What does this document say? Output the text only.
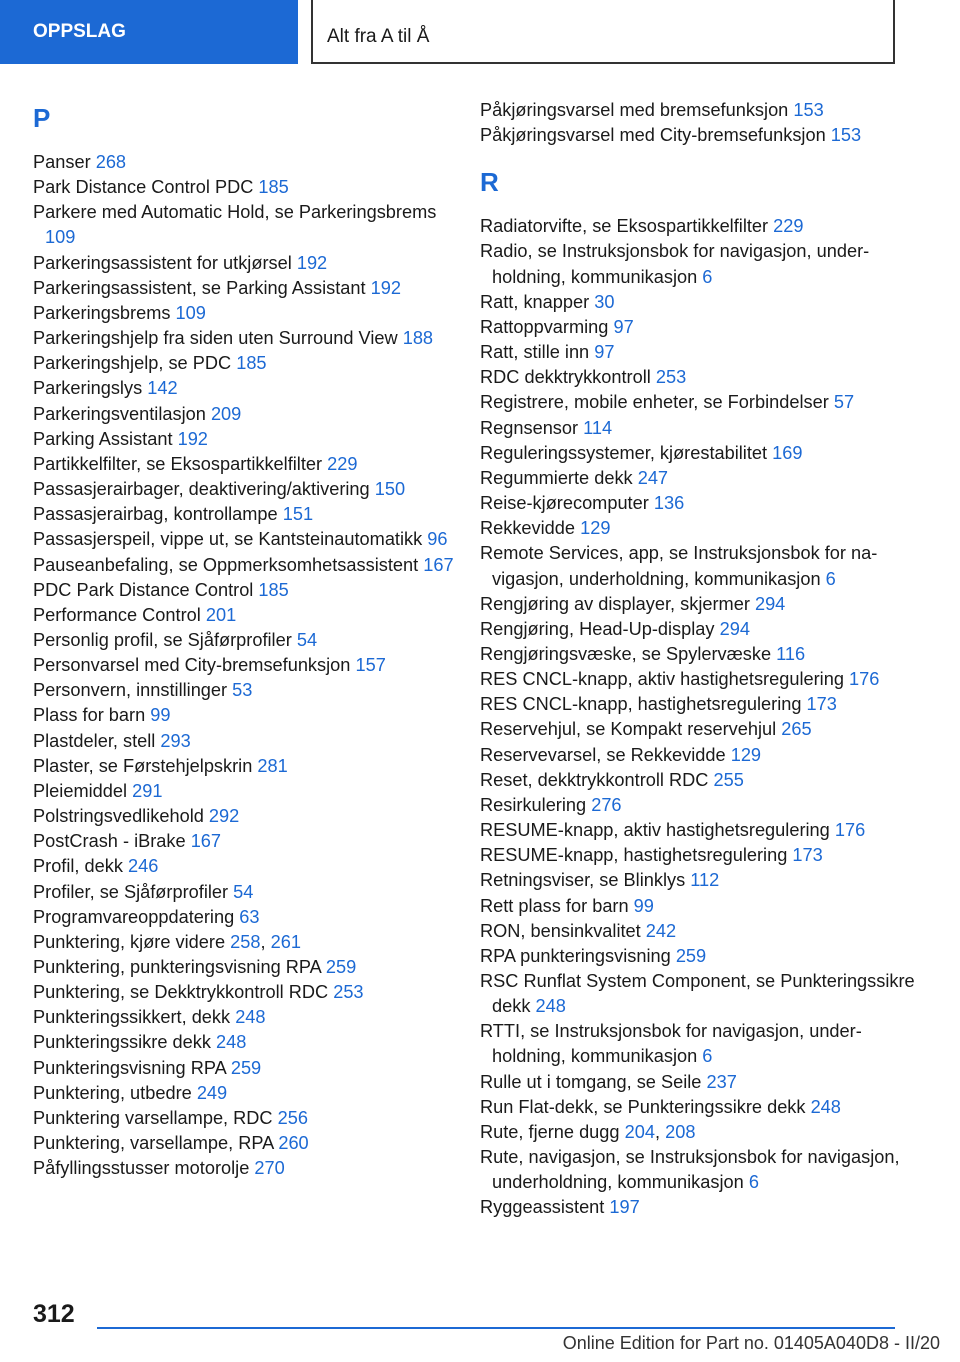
OPPSLAG	Alt fra A til Å
P
Panser 268
Park Distance Control PDC 185
Parkere med Automatic Hold, se Parkeringsbrems 109
Parkeringsassistent for utkjørsel 192
Parkeringsassistent, se Parking Assistant 192
Parkeringsbrems 109
Parkeringshjelp fra siden uten Surround View 188
Parkeringshjelp, se PDC 185
Parkeringslys 142
Parkeringsventilasjon 209
Parking Assistant 192
Partikkelfilter, se Eksospartikkelfilter 229
Passasjerairbager, deaktivering/aktivering 150
Passasjerairbag, kontrollampe 151
Passasjerspeil, vippe ut, se Kantsteinautomatikk 96
Pauseanbefaling, se Oppmerksomhetsassistent 167
PDC Park Distance Control 185
Performance Control 201
Personlig profil, se Sjåførprofiler 54
Personvarsel med City-bremsefunksjon 157
Personvern, innstillinger 53
Plass for barn 99
Plastdeler, stell 293
Plaster, se Førstehjelpskrin 281
Pleiemiddel 291
Polstringsvedlikehold 292
PostCrash - iBrake 167
Profil, dekk 246
Profiler, se Sjåførprofiler 54
Programvareoppdatering 63
Punktering, kjøre videre 258, 261
Punktering, punkteringsvisning RPA 259
Punktering, se Dekktrykkontroll RDC 253
Punkteringssikkert, dekk 248
Punkteringssikre dekk 248
Punkteringsvisning RPA 259
Punktering, utbedre 249
Punktering varsellampe, RDC 256
Punktering, varsellampe, RPA 260
Påfyllingsstusser motorolje 270
Påkjøringsvarsel med bremsefunksjon 153
Påkjøringsvarsel med City-bremsefunksjon 153
R
Radiatorvifte, se Eksospartikkelfilter 229
Radio, se Instruksjonsbok for navigasjon, underholdning, kommunikasjon 6
Ratt, knapper 30
Rattoppvarming 97
Ratt, stille inn 97
RDC dekktrykkontroll 253
Registrere, mobile enheter, se Forbindelser 57
Regnsensor 114
Reguleringssystemer, kjørestabilitet 169
Regummierte dekk 247
Reise-kjørecomputer 136
Rekkevidde 129
Remote Services, app, se Instruksjonsbok for navigasjon, underholdning, kommunikasjon 6
Rengjøring av displayer, skjermer 294
Rengjøring, Head-Up-display 294
Rengjøringsvæske, se Spylervæske 116
RES CNCL-knapp, aktiv hastighetsregulering 176
RES CNCL-knapp, hastighetsregulering 173
Reservehjul, se Kompakt reservehjul 265
Reservevarsel, se Rekkevidde 129
Reset, dekktrykkontroll RDC 255
Resirkulering 276
RESUME-knapp, aktiv hastighetsregulering 176
RESUME-knapp, hastighetsregulering 173
Retningsviser, se Blinklys 112
Rett plass for barn 99
RON, bensinkvalitet 242
RPA punkteringsvisning 259
RSC Runflat System Component, se Punkteringssikre dekk 248
RTTI, se Instruksjonsbok for navigasjon, underholdning, kommunikasjon 6
Rulle ut i tomgang, se Seile 237
Run Flat-dekk, se Punkteringssikre dekk 248
Rute, fjerne dugg 204, 208
Rute, navigasjon, se Instruksjonsbok for navigasjon, underholdning, kommunikasjon 6
Ryggeassistent 197
312
Online Edition for Part no. 01405A040D8 - II/20
